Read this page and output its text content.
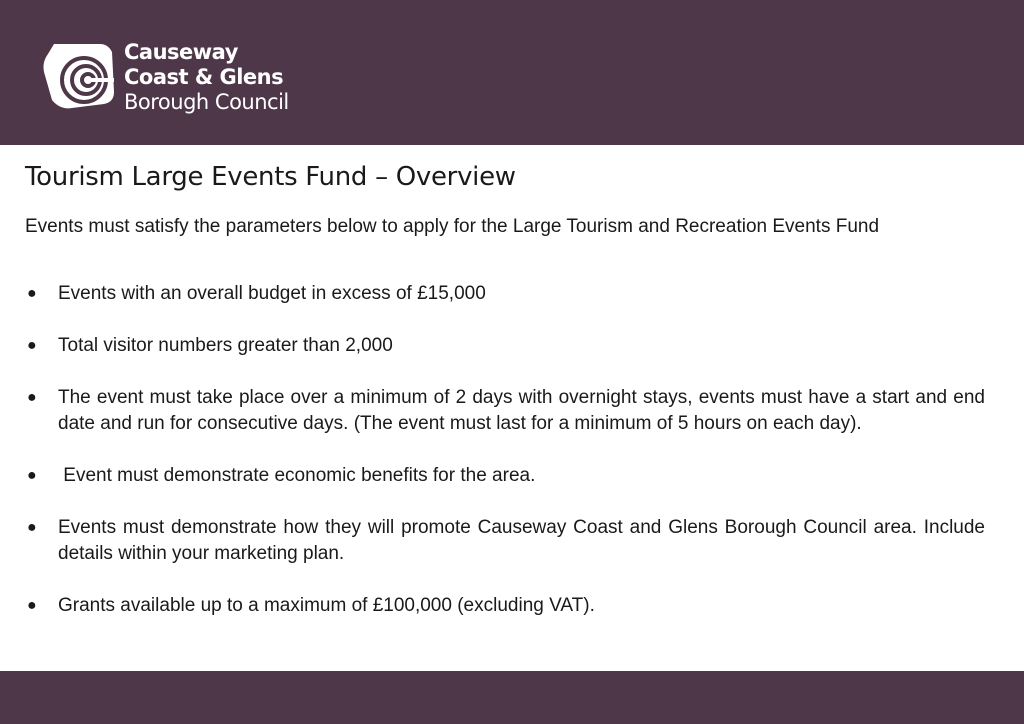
Causeway
Coast & Glens
Borough Council
Tourism Large Events Fund – Overview

Events must satisfy the parameters below to apply for the Large Tourism and Recreation Events Fund

● Events with an overall budget in excess of £15,000
● Total visitor numbers greater than 2,000
● The event must take place over a minimum of 2 days with overnight stays, events must have a start and end date and run for consecutive days. (The event must last for a minimum of 5 hours on each day).
● Event must demonstrate economic benefits for the area.
● Events must demonstrate how they will promote Causeway Coast and Glens Borough Council area. Include details within your marketing plan.
● Grants available up to a maximum of £100,000 (excluding VAT).
